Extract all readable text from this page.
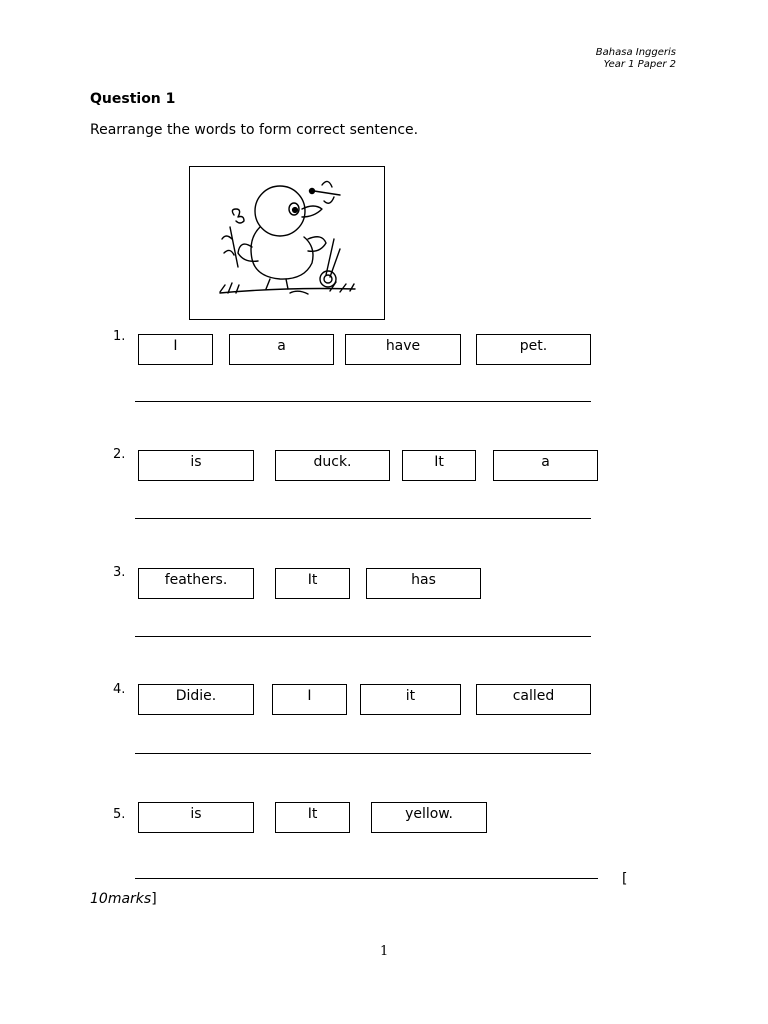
Bahasa Inggeris
Year 1 Paper 2
Question 1
Rearrange the words to form correct sentence.
1.
I	a	have	pet.
2.	is	duck.	It	a
3.	feathers.	It	has
4.	Didie.	I	it	called
5.	is	It	yellow.
[
10marks]
1
